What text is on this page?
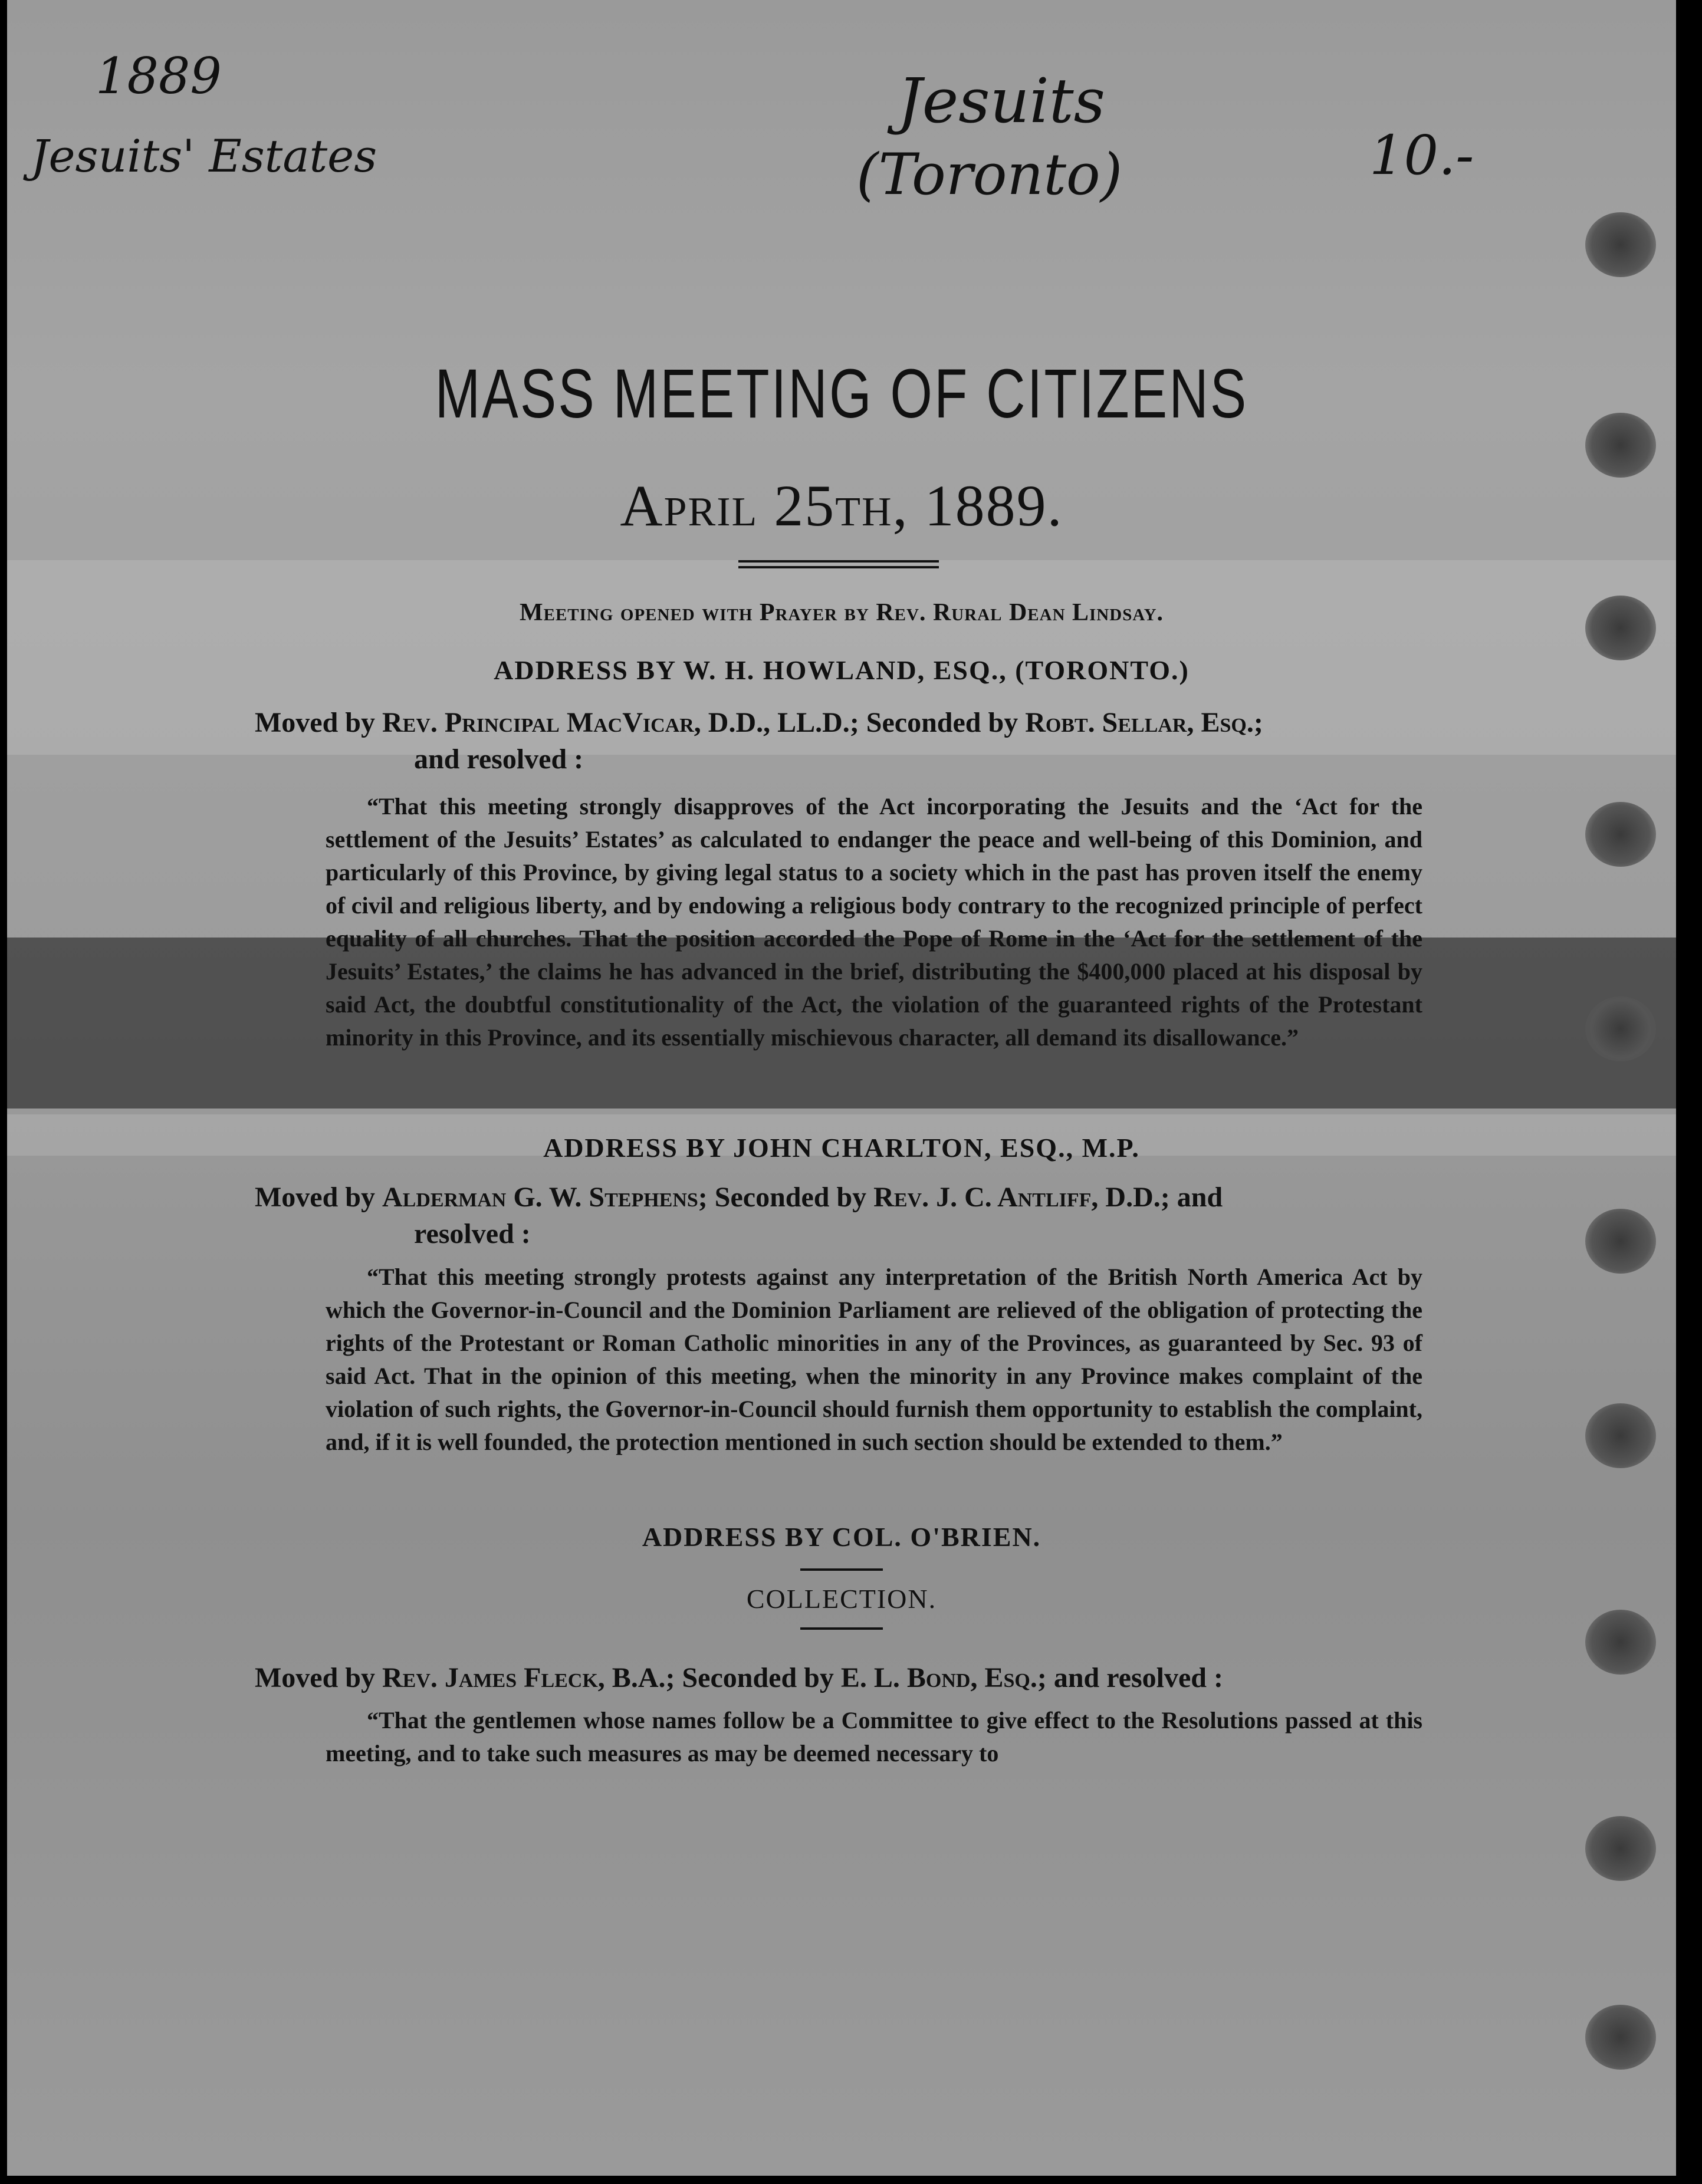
1889
Jesuits' Estates
Jesuits
(Toronto)	10.-
MASS MEETING OF CITIZENS
April 25th, 1889.
Meeting opened with Prayer by Rev. Rural Dean Lindsay.
ADDRESS BY W. H. HOWLAND, ESQ., (TORONTO.)
Moved by Rev. Principal MacVicar, D.D., LL.D.; Seconded by Robt. Sellar, Esq.;
and resolved :

“That this meeting strongly disapproves of the Act incorporating the Jesuits and the ‘Act for the settlement of the Jesuits’ Estates’ as calculated to endanger the peace and well-being of this Dominion, and particularly of this Province, by giving legal status to a society which in the past has proven itself the enemy of civil and religious liberty, and by endowing a religious body contrary to the recognized principle of perfect equality of all churches. That the position accorded the Pope of Rome in the ‘Act for the settlement of the Jesuits’ Estates,’ the claims he has advanced in the brief, distributing the $400,000 placed at his disposal by said Act, the doubtful constitutionality of the Act, the violation of the guaranteed rights of the Protestant minority in this Province, and its essentially mischievous character, all demand its disallowance.”

ADDRESS BY JOHN CHARLTON, ESQ., M.P.
Moved by Alderman G. W. Stephens; Seconded by Rev. J. C. Antliff, D.D.; and
resolved :

“That this meeting strongly protests against any interpretation of the British North America Act by which the Governor-in-Council and the Dominion Parliament are relieved of the obligation of protecting the rights of the Protestant or Roman Catholic minorities in any of the Provinces, as guaranteed by Sec. 93 of said Act. That in the opinion of this meeting, when the minority in any Province makes complaint of the violation of such rights, the Governor-in-Council should furnish them opportunity to establish the complaint, and, if it is well founded, the protection mentioned in such section should be extended to them.”

ADDRESS BY COL. O'BRIEN.
COLLECTION.
Moved by Rev. James Fleck, B.A.; Seconded by E. L. Bond, Esq.; and resolved :

“That the gentlemen whose names follow be a Committee to give effect to the Resolutions passed at this meeting, and to take such measures as may be deemed necessary to
